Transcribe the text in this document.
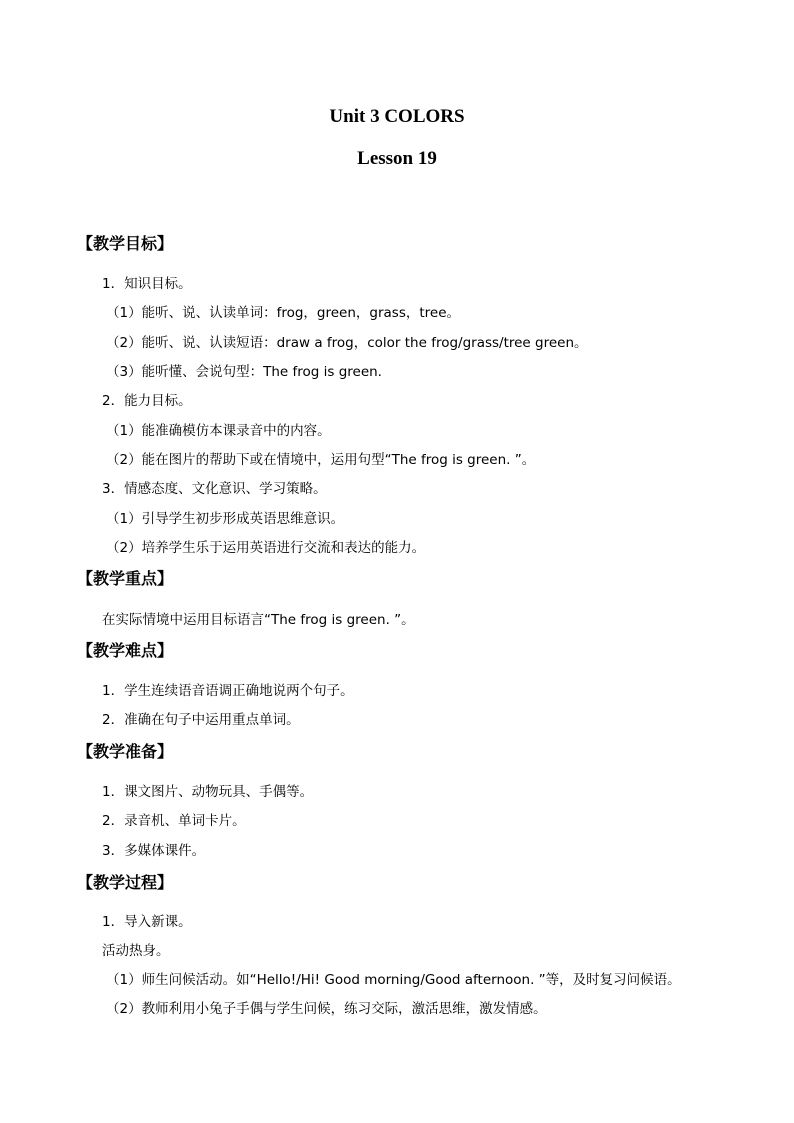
Unit 3 COLORS
Lesson 19
【教学目标】
1．知识目标。
（1）能听、说、认读单词：frog，green，grass，tree。
（2）能听、说、认读短语：draw a frog，color the frog/grass/tree green。
（3）能听懂、会说句型：The frog is green.
2．能力目标。
（1）能准确模仿本课录音中的内容。
（2）能在图片的帮助下或在情境中，运用句型“The frog is green. ”。
3．情感态度、文化意识、学习策略。
（1）引导学生初步形成英语思维意识。
（2）培养学生乐于运用英语进行交流和表达的能力。
【教学重点】
在实际情境中运用目标语言“The frog is green. ”。
【教学难点】
1．学生连续语音语调正确地说两个句子。
2．准确在句子中运用重点单词。
【教学准备】
1．课文图片、动物玩具、手偶等。
2．录音机、单词卡片。
3．多媒体课件。
【教学过程】
1．导入新课。
活动热身。
（1）师生问候活动。如“Hello!/Hi! Good morning/Good afternoon. ”等，及时复习问候语。
（2）教师利用小兔子手偶与学生问候，练习交际，激活思维，激发情感。
